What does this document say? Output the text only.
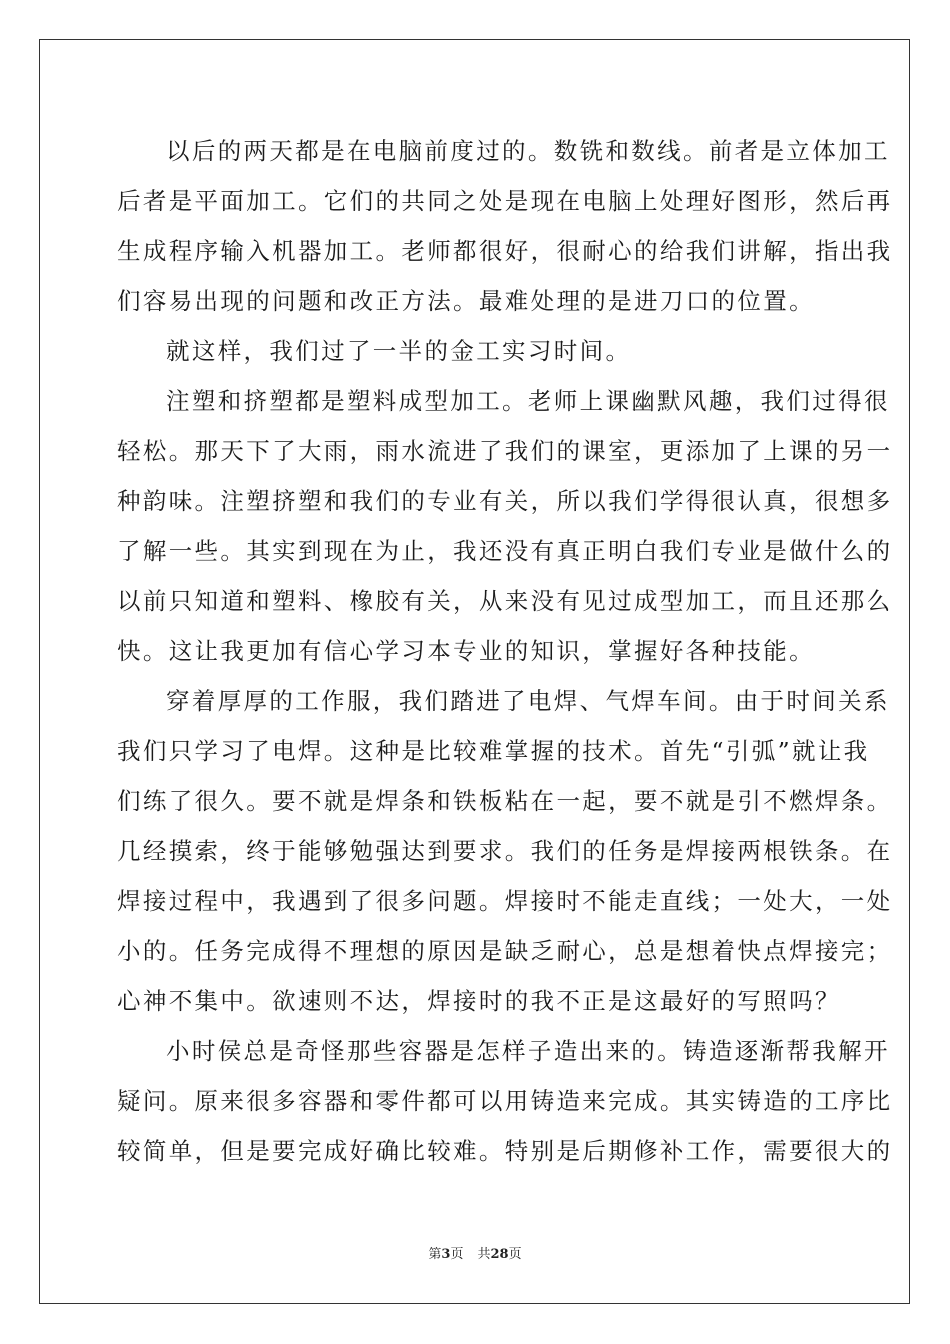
以后的两天都是在电脑前度过的。数铣和数线。前者是立体加工

后者是平面加工。它们的共同之处是现在电脑上处理好图形，然后再

生成程序输入机器加工。老师都很好，很耐心的给我们讲解，指出我

们容易出现的问题和改正方法。最难处理的是进刀口的位置。

就这样，我们过了一半的金工实习时间。

注塑和挤塑都是塑料成型加工。老师上课幽默风趣，我们过得很

轻松。那天下了大雨，雨水流进了我们的课室，更添加了上课的另一

种韵味。注塑挤塑和我们的专业有关，所以我们学得很认真，很想多

了解一些。其实到现在为止，我还没有真正明白我们专业是做什么的

以前只知道和塑料、橡胶有关，从来没有见过成型加工，而且还那么

快。这让我更加有信心学习本专业的知识，掌握好各种技能。

穿着厚厚的工作服，我们踏进了电焊、气焊车间。由于时间关系

我们只学习了电焊。这种是比较难掌握的技术。首先“引弧”就让我

们练了很久。要不就是焊条和铁板粘在一起，要不就是引不燃焊条。

几经摸索，终于能够勉强达到要求。我们的任务是焊接两根铁条。在

焊接过程中，我遇到了很多问题。焊接时不能走直线；一处大，一处

小的。任务完成得不理想的原因是缺乏耐心，总是想着快点焊接完；

心神不集中。欲速则不达，焊接时的我不正是这最好的写照吗？

小时侯总是奇怪那些容器是怎样子造出来的。铸造逐渐帮我解开

疑问。原来很多容器和零件都可以用铸造来完成。其实铸造的工序比

较简单，但是要完成好确比较难。特别是后期修补工作，需要很大的

第3页 共28页
